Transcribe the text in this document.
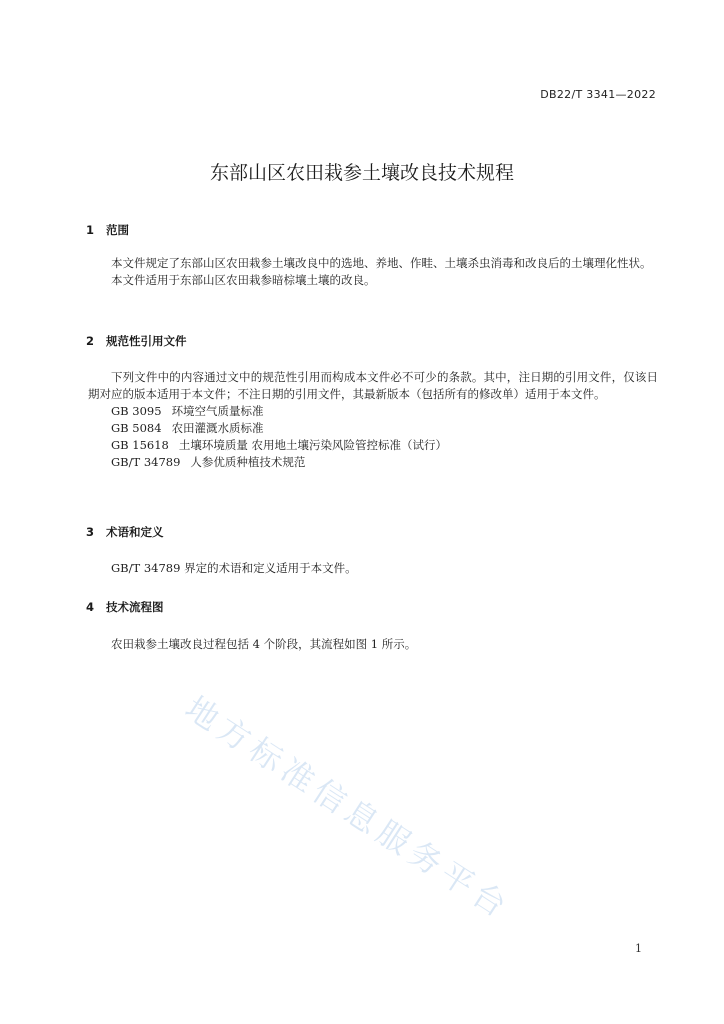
DB22/T 3341—2022
东部山区农田栽参土壤改良技术规程
1 范围
本文件规定了东部山区农田栽参土壤改良中的选地、养地、作畦、土壤杀虫消毒和改良后的土壤理化性状。
本文件适用于东部山区农田栽参暗棕壤土壤的改良。
2 规范性引用文件
下列文件中的内容通过文中的规范性引用而构成本文件必不可少的条款。其中，注日期的引用文件，仅该日期对应的版本适用于本文件；不注日期的引用文件，其最新版本（包括所有的修改单）适用于本文件。
GB 3095 环境空气质量标准
GB 5084 农田灌溉水质标准
GB 15618 土壤环境质量 农用地土壤污染风险管控标准（试行）
GB/T 34789 人参优质种植技术规范
3 术语和定义
GB/T 34789 界定的术语和定义适用于本文件。
4 技术流程图
农田栽参土壤改良过程包括 4 个阶段，其流程如图 1 所示。
地方标准信息服务平台
1
